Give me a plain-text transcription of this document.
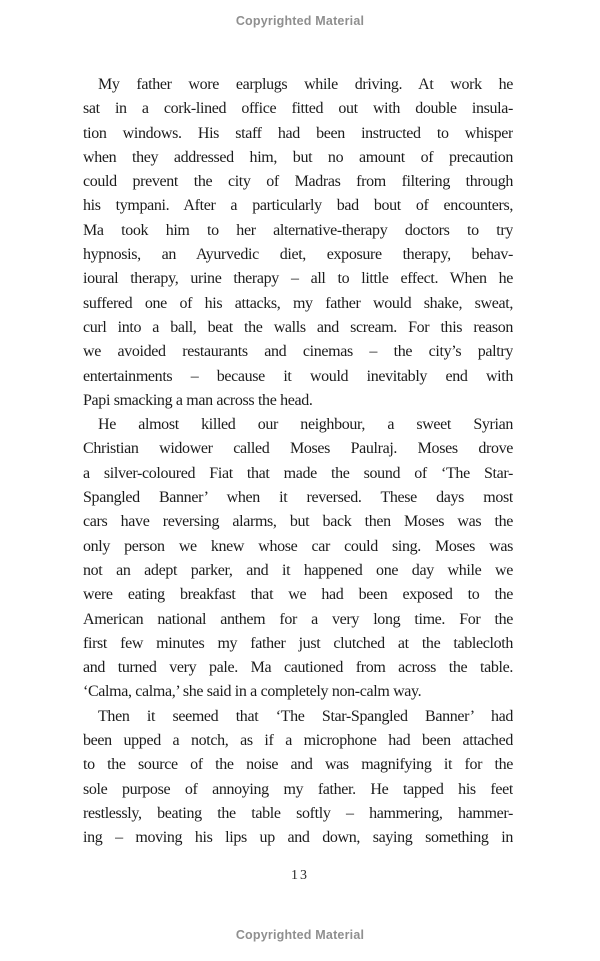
Copyrighted Material
My father wore earplugs while driving. At work he
sat in a cork-lined office fitted out with double insula-
tion windows. His staff had been instructed to whisper
when they addressed him, but no amount of precaution
could prevent the city of Madras from filtering through
his tympani. After a particularly bad bout of encounters,
Ma took him to her alternative-therapy doctors to try
hypnosis, an Ayurvedic diet, exposure therapy, behav-
ioural therapy, urine therapy – all to little effect. When he
suffered one of his attacks, my father would shake, sweat,
curl into a ball, beat the walls and scream. For this reason
we avoided restaurants and cinemas – the city’s paltry
entertainments – because it would inevitably end with
Papi smacking a man across the head.
He almost killed our neighbour, a sweet Syrian
Christian widower called Moses Paulraj. Moses drove
a silver-coloured Fiat that made the sound of ‘The Star-
Spangled Banner’ when it reversed. These days most
cars have reversing alarms, but back then Moses was the
only person we knew whose car could sing. Moses was
not an adept parker, and it happened one day while we
were eating breakfast that we had been exposed to the
American national anthem for a very long time. For the
first few minutes my father just clutched at the tablecloth
and turned very pale. Ma cautioned from across the table.
‘Calma, calma,’ she said in a completely non-calm way.
Then it seemed that ‘The Star-Spangled Banner’ had
been upped a notch, as if a microphone had been attached
to the source of the noise and was magnifying it for the
sole purpose of annoying my father. He tapped his feet
restlessly, beating the table softly – hammering, hammer-
ing – moving his lips up and down, saying something in
13
Copyrighted Material
